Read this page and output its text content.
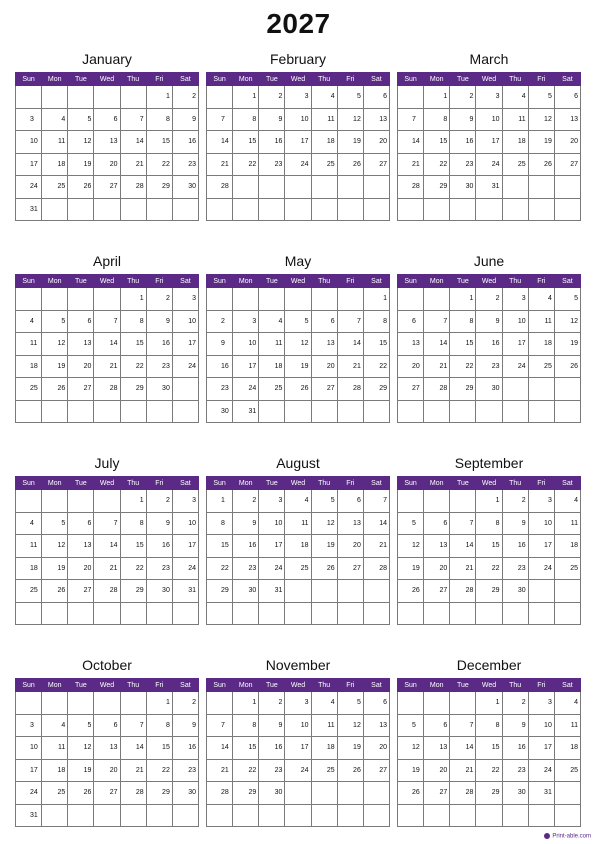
2027
January
Sun	Mon	Tue	Wed	Thu	Fri	Sat
					1	2
3	4	5	6	7	8	9
10	11	12	13	14	15	16
17	18	19	20	21	22	23
24	25	26	27	28	29	30
31						
February
Sun	Mon	Tue	Wed	Thu	Fri	Sat
	1	2	3	4	5	6
7	8	9	10	11	12	13
14	15	16	17	18	19	20
21	22	23	24	25	26	27
28						

March
Sun	Mon	Tue	Wed	Thu	Fri	Sat
	1	2	3	4	5	6
7	8	9	10	11	12	13
14	15	16	17	18	19	20
21	22	23	24	25	26	27
28	29	30	31			

April
Sun	Mon	Tue	Wed	Thu	Fri	Sat
				1	2	3
4	5	6	7	8	9	10
11	12	13	14	15	16	17
18	19	20	21	22	23	24
25	26	27	28	29	30	

May
Sun	Mon	Tue	Wed	Thu	Fri	Sat
						1
2	3	4	5	6	7	8
9	10	11	12	13	14	15
16	17	18	19	20	21	22
23	24	25	26	27	28	29
30	31					
June
Sun	Mon	Tue	Wed	Thu	Fri	Sat
		1	2	3	4	5
6	7	8	9	10	11	12
13	14	15	16	17	18	19
20	21	22	23	24	25	26
27	28	29	30			

July
Sun	Mon	Tue	Wed	Thu	Fri	Sat
				1	2	3
4	5	6	7	8	9	10
11	12	13	14	15	16	17
18	19	20	21	22	23	24
25	26	27	28	29	30	31

August
Sun	Mon	Tue	Wed	Thu	Fri	Sat
1	2	3	4	5	6	7
8	9	10	11	12	13	14
15	16	17	18	19	20	21
22	23	24	25	26	27	28
29	30	31				

September
Sun	Mon	Tue	Wed	Thu	Fri	Sat
			1	2	3	4
5	6	7	8	9	10	11
12	13	14	15	16	17	18
19	20	21	22	23	24	25
26	27	28	29	30		

October
Sun	Mon	Tue	Wed	Thu	Fri	Sat
					1	2
3	4	5	6	7	8	9
10	11	12	13	14	15	16
17	18	19	20	21	22	23
24	25	26	27	28	29	30
31						
November
Sun	Mon	Tue	Wed	Thu	Fri	Sat
	1	2	3	4	5	6
7	8	9	10	11	12	13
14	15	16	17	18	19	20
21	22	23	24	25	26	27
28	29	30				

December
Sun	Mon	Tue	Wed	Thu	Fri	Sat
			1	2	3	4
5	6	7	8	9	10	11
12	13	14	15	16	17	18
19	20	21	22	23	24	25
26	27	28	29	30	31	

Print-able.com
